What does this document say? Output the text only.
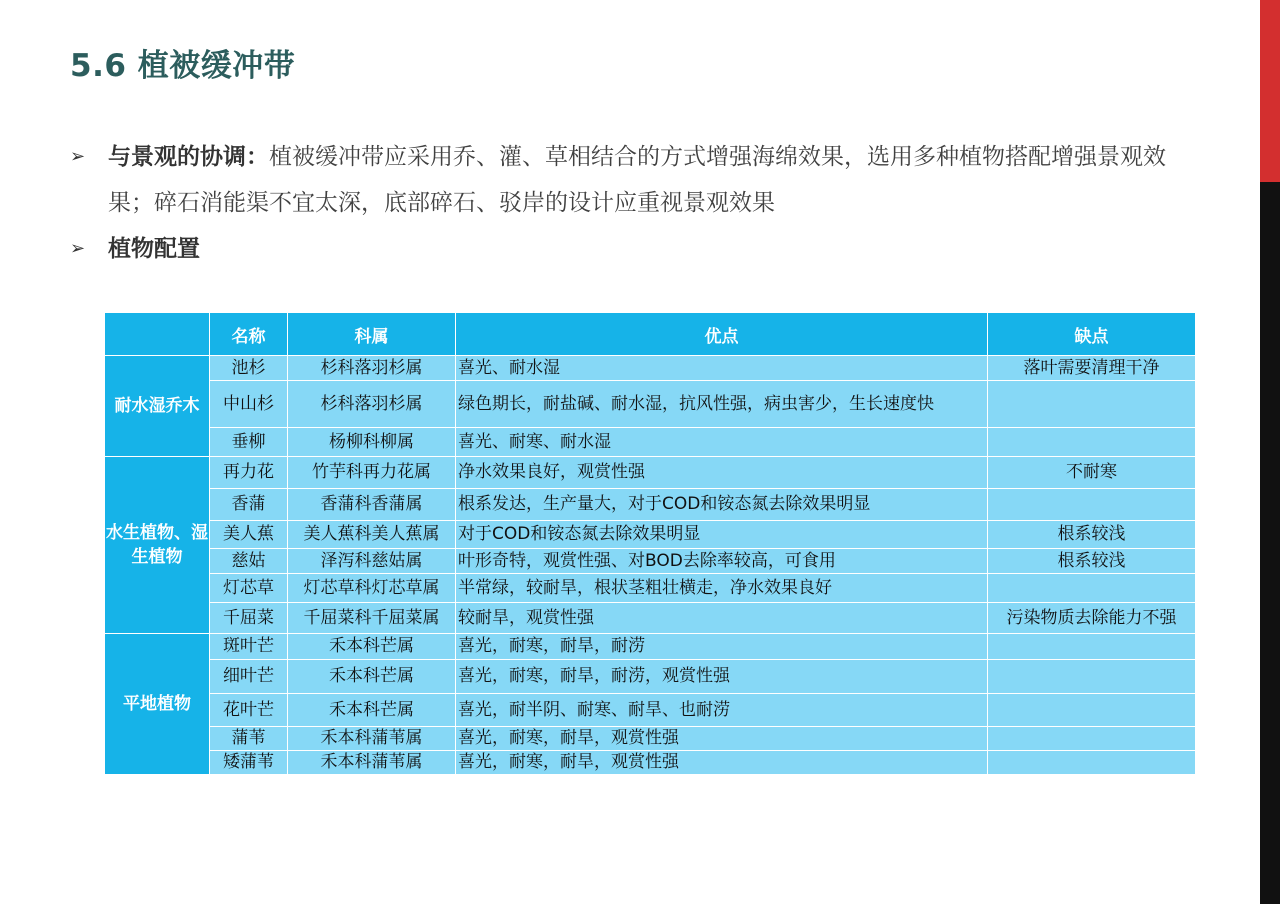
5.6 植被缓冲带
➢ 与景观的协调：植被缓冲带应采用乔、灌、草相结合的方式增强海绵效果，选用多种植物搭配增强景观效果；碎石消能渠不宜太深，底部碎石、驳岸的设计应重视景观效果
➢ 植物配置
	名称	科属	优点	缺点
耐水湿乔木	池杉	杉科落羽杉属	喜光、耐水湿	落叶需要清理干净
	中山杉	杉科落羽杉属	绿色期长，耐盐碱、耐水湿，抗风性强，病虫害少，生长速度快	
	垂柳	杨柳科柳属	喜光、耐寒、耐水湿	
水生植物、湿生植物	再力花	竹芋科再力花属	净水效果良好，观赏性强	不耐寒
	香蒲	香蒲科香蒲属	根系发达，生产量大，对于COD和铵态氮去除效果明显	
	美人蕉	美人蕉科美人蕉属	对于COD和铵态氮去除效果明显	根系较浅
	慈姑	泽泻科慈姑属	叶形奇特，观赏性强、对BOD去除率较高，可食用	根系较浅
	灯芯草	灯芯草科灯芯草属	半常绿，较耐旱，根状茎粗壮横走，净水效果良好	
	千屈菜	千屈菜科千屈菜属	较耐旱，观赏性强	污染物质去除能力不强
平地植物	斑叶芒	禾本科芒属	喜光，耐寒，耐旱，耐涝	
	细叶芒	禾本科芒属	喜光，耐寒，耐旱，耐涝，观赏性强	
	花叶芒	禾本科芒属	喜光，耐半阴、耐寒、耐旱、也耐涝	
	蒲苇	禾本科蒲苇属	喜光，耐寒，耐旱，观赏性强	
	矮蒲苇	禾本科蒲苇属	喜光，耐寒，耐旱，观赏性强	
